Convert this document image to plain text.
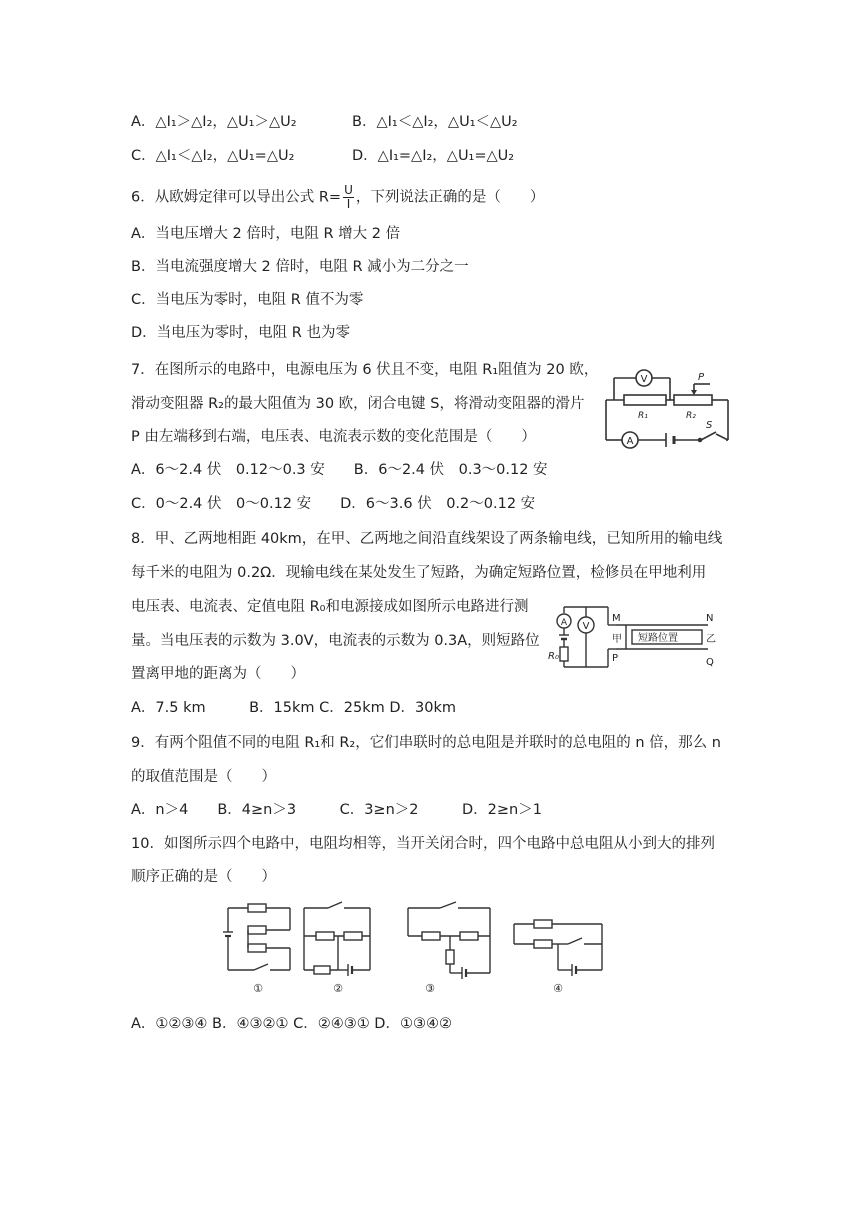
A．△I₁＞△I₂，△U₁＞△U₂	B．△I₁＜△I₂，△U₁＜△U₂
C．△I₁＜△I₂，△U₁=△U₂	D．△I₁=△I₂，△U₁=△U₂
6．从欧姆定律可以导出公式 $R= \frac{U}{I}$ ，下列说法正确的是（　　）
A．当电压增大 2 倍时，电阻 R 增大 2 倍
B．当电流强度增大 2 倍时，电阻 R 减小为二分之一
C．当电压为零时，电阻 R 值不为零
D．当电压为零时，电阻 R 也为零
7．在图所示的电路中，电源电压为 6 伏且不变，电阻 R₁阻值为 20 欧，
滑动变阻器 R₂的最大阻值为 30 欧，闭合电键 S，将滑动变阻器的滑片
P 由左端移到右端，电压表、电流表示数的变化范围是（　　）
A．6～2.4 伏　0.12～0.3 安　　B．6～2.4 伏　0.3～0.12 安
C．0～2.4 伏　0～0.12 安　　D．6～3.6 伏　0.2～0.12 安
V
A
P
R₁	R₂
S
8．甲、乙两地相距 40km，在甲、乙两地之间沿直线架设了两条输电线，已知所用的输电线
每千米的电阻为 0.2Ω．现输电线在某处发生了短路，为确定短路位置，检修员在甲地利用
电压表、电流表、定值电阻 R₀和电源接成如图所示电路进行测
量。当电压表的示数为 3.0V，电流表的示数为 0.3A，则短路位
置离甲地的距离为（　　）
A．7.5 km　　　B．15km C．25km D．30km
A V
R₀
M
P
甲 短路位置
N
乙
Q
9．有两个阻值不同的电阻 R₁和 R₂，它们串联时的总电阻是并联时的总电阻的 n 倍，那么 n
的取值范围是（　　）
A．n＞4　　B．4≥n＞3　　　C．3≥n＞2　　　D．2≥n＞1
10．如图所示四个电路中，电阻均相等，当开关闭合时，四个电路中总电阻从小到大的排列
顺序正确的是（　　）
①	②	③	④
A．①②③④ B．④③②① C．②④③① D．①③④②
